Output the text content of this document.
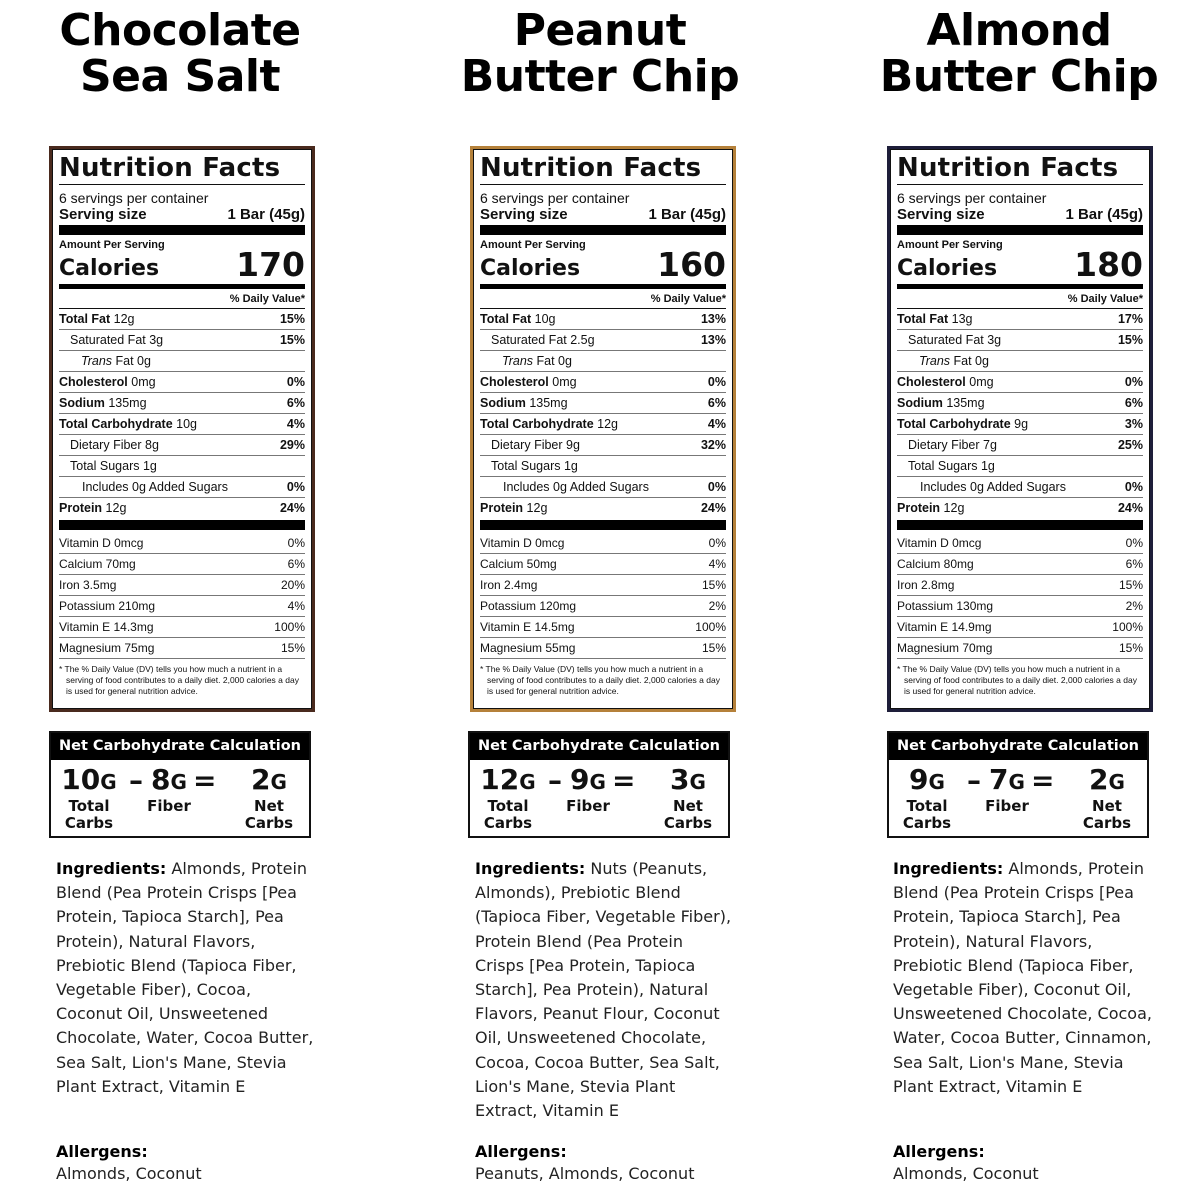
Chocolate
Sea Salt
Nutrition Facts
6 servings per container
Serving size	1 Bar (45g)
Amount Per Serving
Calories 170
% Daily Value*
Total Fat 12g	15%
Saturated Fat 3g	15%
Trans Fat 0g
Cholesterol 0mg	0%
Sodium 135mg	6%
Total Carbohydrate 10g	4%
Dietary Fiber 8g	29%
Total Sugars 1g
Includes 0g Added Sugars	0%
Protein 12g	24%
Vitamin D 0mcg	0%
Calcium 70mg	6%
Iron 3.5mg	20%
Potassium 210mg	4%
Vitamin E 14.3mg	100%
Magnesium 75mg	15%
* The % Daily Value (DV) tells you how much a nutrient in a serving of food contributes to a daily diet. 2,000 calories a day is used for general nutrition advice.
Net Carbohydrate Calculation
10G
Total
Carbs
– 8G
Fiber
=	2G
Net
Carbs
Ingredients: Almonds, Protein Blend (Pea Protein Crisps [Pea Protein, Tapioca Starch], Pea Protein), Natural Flavors, Prebiotic Blend (Tapioca Fiber, Vegetable Fiber), Cocoa, Coconut Oil, Unsweetened Chocolate, Water, Cocoa Butter, Sea Salt, Lion's Mane, Stevia Plant Extract, Vitamin E
Allergens:
Almonds, Coconut
Peanut
Butter Chip
Nutrition Facts
6 servings per container
Serving size	1 Bar (45g)
Amount Per Serving
Calories 160
% Daily Value*
Total Fat 10g	13%
Saturated Fat 2.5g	13%
Trans Fat 0g
Cholesterol 0mg	0%
Sodium 135mg	6%
Total Carbohydrate 12g	4%
Dietary Fiber 9g	32%
Total Sugars 1g
Includes 0g Added Sugars	0%
Protein 12g	24%
Vitamin D 0mcg	0%
Calcium 50mg	4%
Iron 2.4mg	15%
Potassium 120mg	2%
Vitamin E 14.5mg	100%
Magnesium 55mg	15%
* The % Daily Value (DV) tells you how much a nutrient in a serving of food contributes to a daily diet. 2,000 calories a day is used for general nutrition advice.
Net Carbohydrate Calculation
12G
Total
Carbs
– 9G
Fiber
=	3G
Net
Carbs
Ingredients: Nuts (Peanuts, Almonds), Prebiotic Blend (Tapioca Fiber, Vegetable Fiber), Protein Blend (Pea Protein Crisps [Pea Protein, Tapioca Starch], Pea Protein), Natural Flavors, Peanut Flour, Coconut Oil, Unsweetened Chocolate, Cocoa, Cocoa Butter, Sea Salt, Lion's Mane, Stevia Plant Extract, Vitamin E
Allergens:
Peanuts, Almonds, Coconut
Almond
Butter Chip
Nutrition Facts
6 servings per container
Serving size	1 Bar (45g)
Amount Per Serving
Calories 180
% Daily Value*
Total Fat 13g	17%
Saturated Fat 3g	15%
Trans Fat 0g
Cholesterol 0mg	0%
Sodium 135mg	6%
Total Carbohydrate 9g	3%
Dietary Fiber 7g	25%
Total Sugars 1g
Includes 0g Added Sugars	0%
Protein 12g	24%
Vitamin D 0mcg	0%
Calcium 80mg	6%
Iron 2.8mg	15%
Potassium 130mg	2%
Vitamin E 14.9mg	100%
Magnesium 70mg	15%
* The % Daily Value (DV) tells you how much a nutrient in a serving of food contributes to a daily diet. 2,000 calories a day is used for general nutrition advice.
Net Carbohydrate Calculation
9G
Total
Carbs
– 7G
Fiber
=	2G
Net
Carbs
Ingredients: Almonds, Protein Blend (Pea Protein Crisps [Pea Protein, Tapioca Starch], Pea Protein), Natural Flavors, Prebiotic Blend (Tapioca Fiber, Vegetable Fiber), Coconut Oil, Unsweetened Chocolate, Cocoa, Water, Cocoa Butter, Cinnamon, Sea Salt, Lion's Mane, Stevia Plant Extract, Vitamin E
Allergens:
Almonds, Coconut
